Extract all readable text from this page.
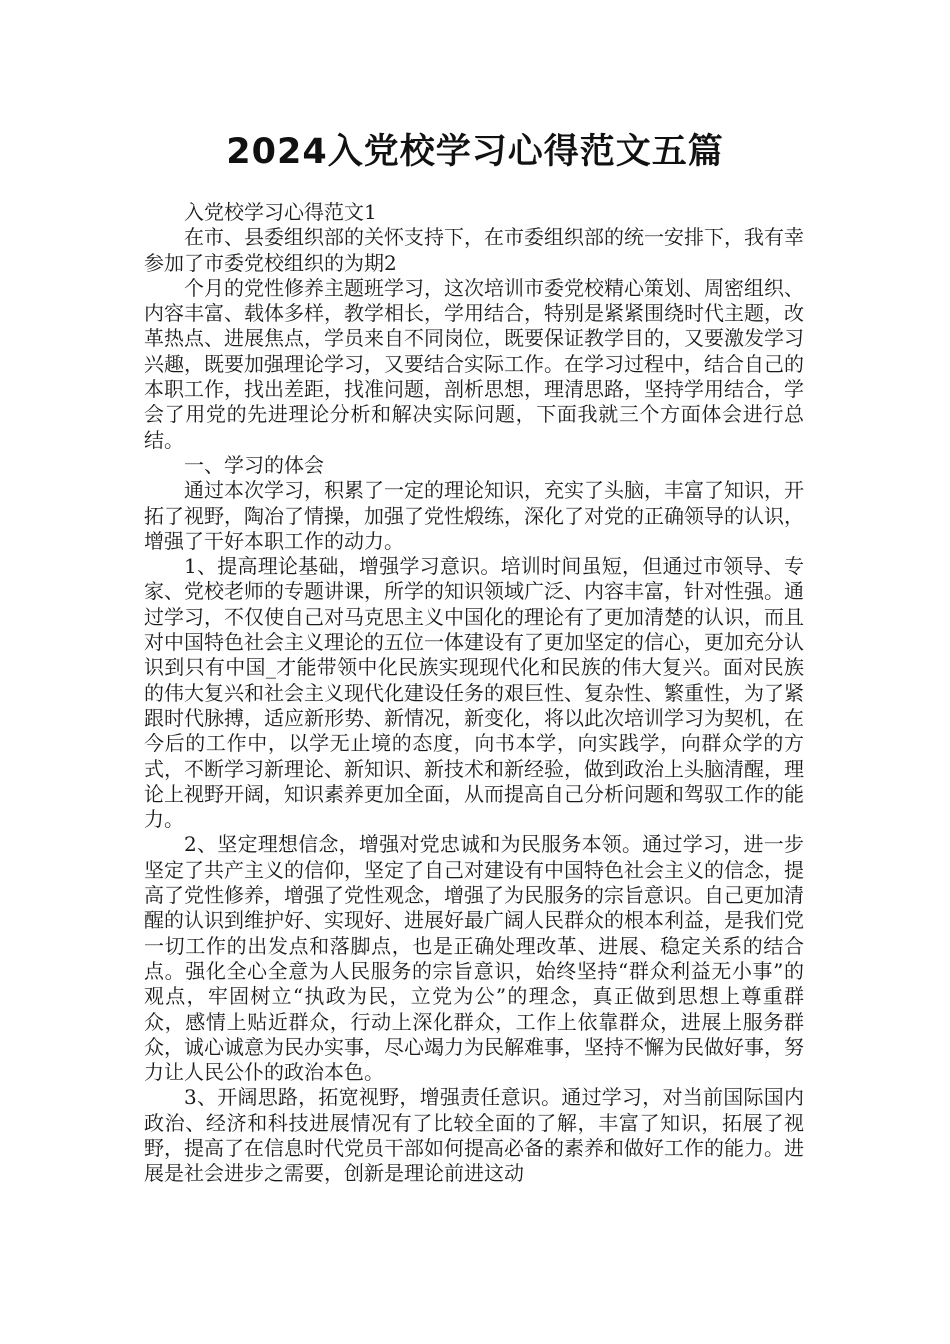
2024入党校学习心得范文五篇

入党校学习心得范文1

在市、县委组织部的关怀支持下，在市委组织部的统一安排下，我有幸参加了市委党校组织的为期2

个月的党性修养主题班学习，这次培训市委党校精心策划、周密组织、内容丰富、载体多样，教学相长，学用结合，特别是紧紧围绕时代主题，改革热点、进展焦点，学员来自不同岗位，既要保证教学目的，又要激发学习兴趣，既要加强理论学习，又要结合实际工作。在学习过程中，结合自己的本职工作，找出差距，找准问题，剖析思想，理清思路，坚持学用结合，学会了用党的先进理论分析和解决实际问题，下面我就三个方面体会进行总结。

一、学习的体会

通过本次学习，积累了一定的理论知识，充实了头脑，丰富了知识，开拓了视野，陶冶了情操，加强了党性煅练，深化了对党的正确领导的认识，增强了干好本职工作的动力。

1、提高理论基础，增强学习意识。培训时间虽短，但通过市领导、专家、党校老师的专题讲课，所学的知识领域广泛、内容丰富，针对性强。通过学习，不仅使自己对马克思主义中国化的理论有了更加清楚的认识，而且对中国特色社会主义理论的五位一体建设有了更加坚定的信心，更加充分认识到只有中国_才能带领中化民族实现现代化和民族的伟大复兴。面对民族的伟大复兴和社会主义现代化建设任务的艰巨性、复杂性、繁重性，为了紧跟时代脉搏，适应新形势、新情况，新变化，将以此次培训学习为契机，在今后的工作中，以学无止境的态度，向书本学，向实践学，向群众学的方式，不断学习新理论、新知识、新技术和新经验，做到政治上头脑清醒，理论上视野开阔，知识素养更加全面，从而提高自己分析问题和驾驭工作的能力。

2、坚定理想信念，增强对党忠诚和为民服务本领。通过学习，进一步坚定了共产主义的信仰，坚定了自己对建设有中国特色社会主义的信念，提高了党性修养，增强了党性观念，增强了为民服务的宗旨意识。自己更加清醒的认识到维护好、实现好、进展好最广阔人民群众的根本利益，是我们党一切工作的出发点和落脚点，也是正确处理改革、进展、稳定关系的结合点。强化全心全意为人民服务的宗旨意识，始终坚持“群众利益无小事”的观点，牢固树立“执政为民，立党为公”的理念，真正做到思想上尊重群众，感情上贴近群众，行动上深化群众，工作上依靠群众，进展上服务群众，诚心诚意为民办实事，尽心竭力为民解难事，坚持不懈为民做好事，努力让人民公仆的政治本色。

3、开阔思路，拓宽视野，增强责任意识。通过学习，对当前国际国内政治、经济和科技进展情况有了比较全面的了解，丰富了知识，拓展了视野，提高了在信息时代党员干部如何提高必备的素养和做好工作的能力。进展是社会进步之需要，创新是理论前进这动
